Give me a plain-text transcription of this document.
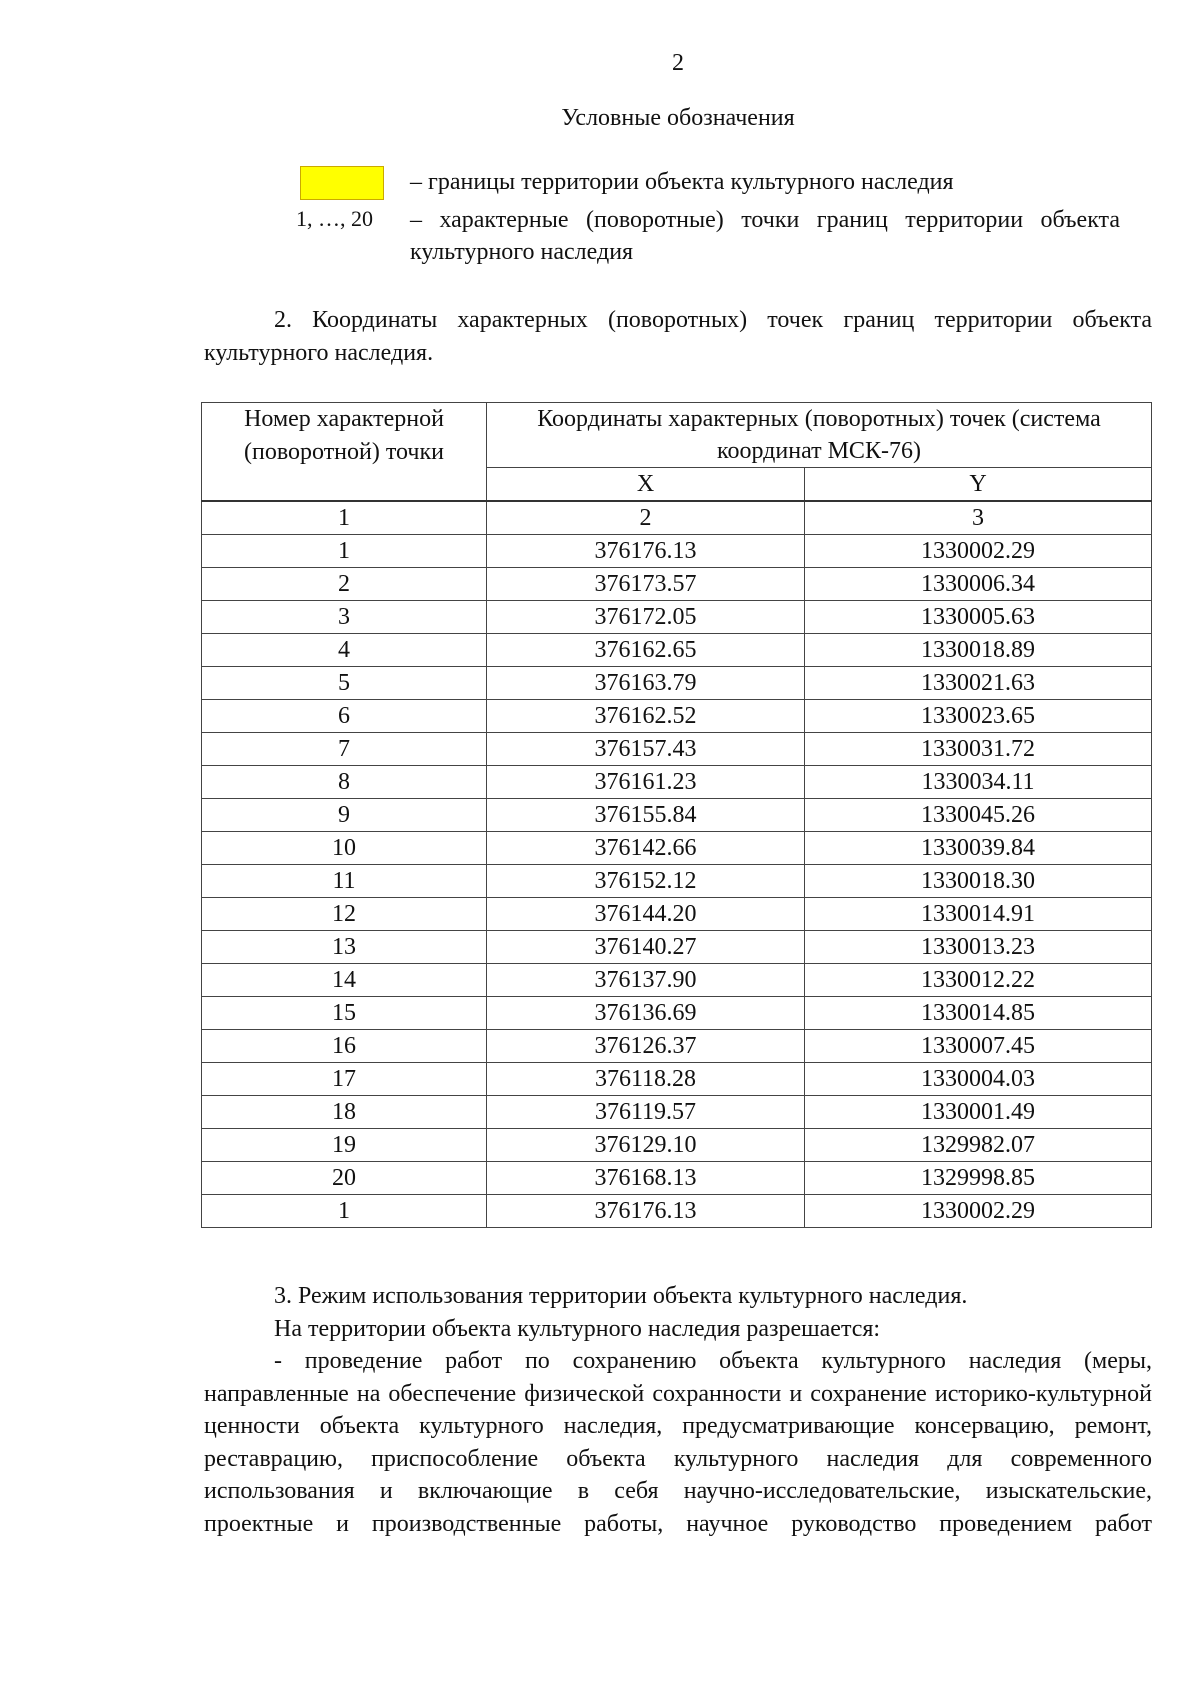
2
Условные обозначения
– границы территории объекта культурного наследия
1, …, 20	– характерные (поворотные) точки границ территории объекта культурного наследия
2. Координаты характерных (поворотных) точек границ территории объекта культурного наследия.
Номер характерной (поворотной) точки	Координаты характерных (поворотных) точек (система координат МСК-76)	
	X	Y
1	2	3
1	376176.13	1330002.29
2	376173.57	1330006.34
3	376172.05	1330005.63
4	376162.65	1330018.89
5	376163.79	1330021.63
6	376162.52	1330023.65
7	376157.43	1330031.72
8	376161.23	1330034.11
9	376155.84	1330045.26
10	376142.66	1330039.84
11	376152.12	1330018.30
12	376144.20	1330014.91
13	376140.27	1330013.23
14	376137.90	1330012.22
15	376136.69	1330014.85
16	376126.37	1330007.45
17	376118.28	1330004.03
18	376119.57	1330001.49
19	376129.10	1329982.07
20	376168.13	1329998.85
1	376176.13	1330002.29

3. Режим использования территории объекта культурного наследия.

На территории объекта культурного наследия разрешается:

- проведение работ по сохранению объекта культурного наследия (меры, направленные на обеспечение физической сохранности и сохранение историко-культурной ценности объекта культурного наследия, предусматривающие консервацию, ремонт, реставрацию, приспособление объекта культурного наследия для современного использования и включающие в себя научно-исследовательские, изыскательские, проектные и производственные работы, научное руководство проведением работ
